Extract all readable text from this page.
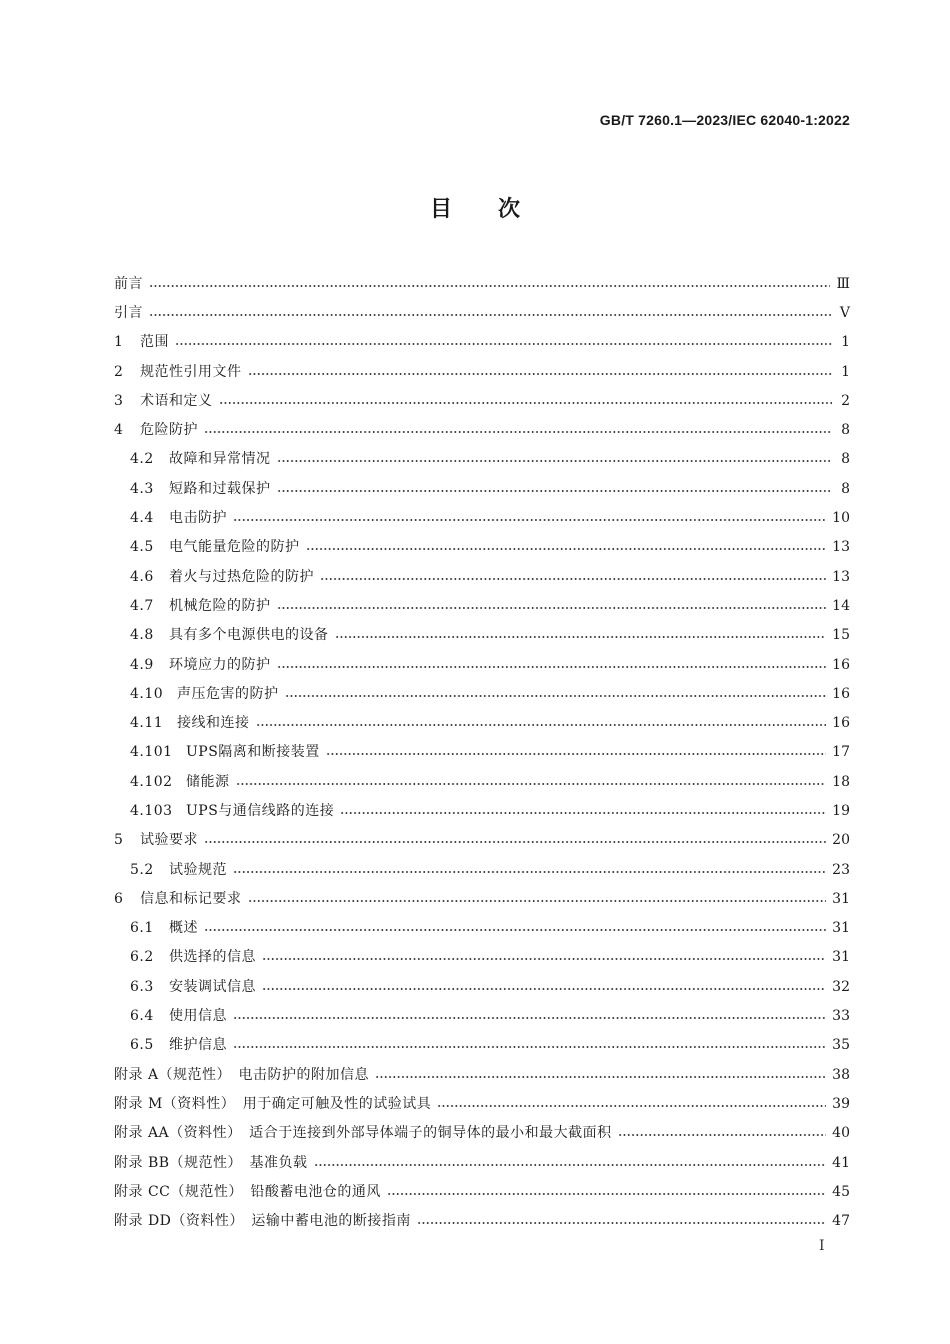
GB/T 7260.1—2023/IEC 62040-1:2022
目 次
前言	Ⅲ
引言	Ⅴ
1 范围	1
2 规范性引用文件	1
3 术语和定义	2
4 危险防护	8
4.2 故障和异常情况	8
4.3 短路和过载保护	8
4.4 电击防护	10
4.5 电气能量危险的防护	13
4.6 着火与过热危险的防护	13
4.7 机械危险的防护	14
4.8 具有多个电源供电的设备	15
4.9 环境应力的防护	16
4.10 声压危害的防护	16
4.11 接线和连接	16
4.101 UPS隔离和断接装置	17
4.102 储能源	18
4.103 UPS与通信线路的连接	19
5 试验要求	20
5.2 试验规范	23
6 信息和标记要求	31
6.1 概述	31
6.2 供选择的信息	31
6.3 安装调试信息	32
6.4 使用信息	33
6.5 维护信息	35
附录 A（规范性）　电击防护的附加信息	38
附录 M（资料性）　用于确定可触及性的试验试具	39
附录 AA（资料性）　适合于连接到外部导体端子的铜导体的最小和最大截面积	40
附录 BB（规范性）　基准负载	41
附录 CC（规范性）　铅酸蓄电池仓的通风	45
附录 DD（资料性）　运输中蓄电池的断接指南	47
I
